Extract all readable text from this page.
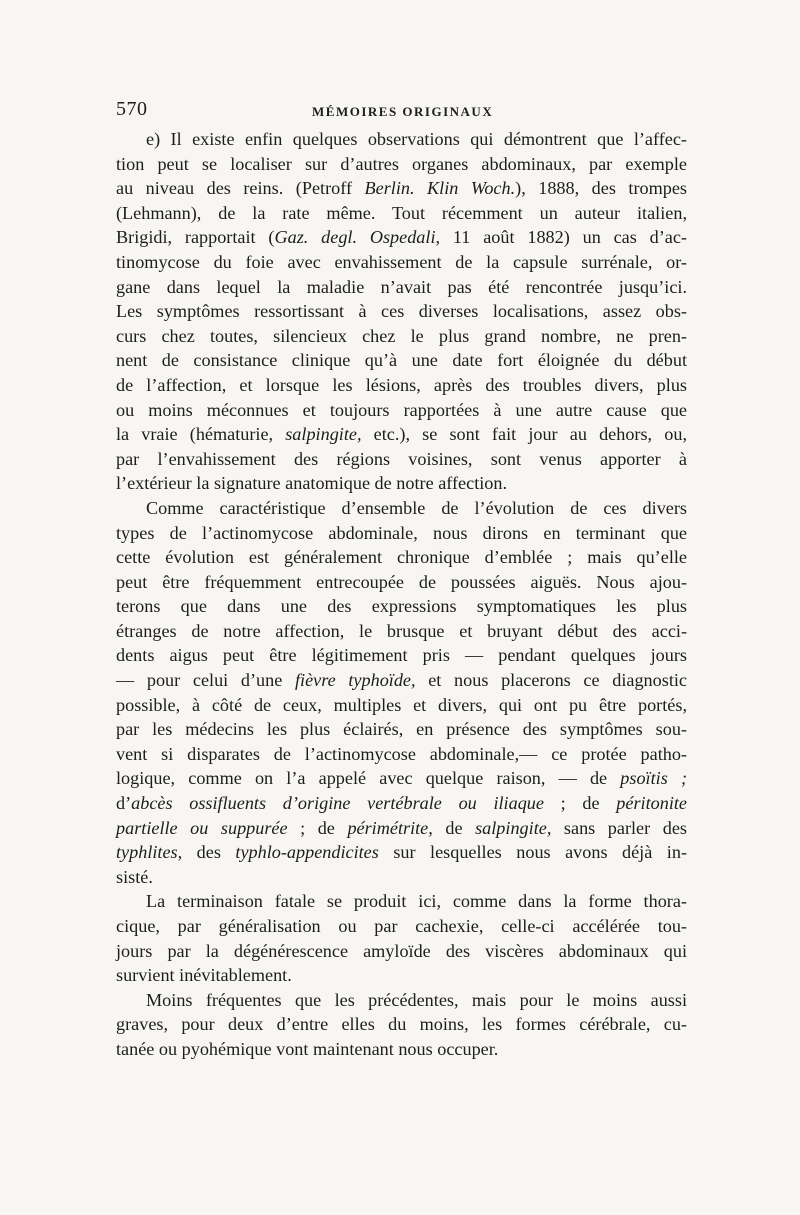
570	MÉMOIRES ORIGINAUX
e) Il existe enfin quelques observations qui démontrent que l’affec-
tion peut se localiser sur d’autres organes abdominaux, par exemple
au niveau des reins. (Petroff Berlin. Klin Woch.), 1888, des trompes
(Lehmann), de la rate même. Tout récemment un auteur italien,
Brigidi, rapportait (Gaz. degl. Ospedali, 11 août 1882) un cas d’ac-
tinomycose du foie avec envahissement de la capsule surrénale, or-
gane dans lequel la maladie n’avait pas été rencontrée jusqu’ici.
Les symptômes ressortissant à ces diverses localisations, assez obs-
curs chez toutes, silencieux chez le plus grand nombre, ne pren-
nent de consistance clinique qu’à une date fort éloignée du début
de l’affection, et lorsque les lésions, après des troubles divers, plus
ou moins méconnues et toujours rapportées à une autre cause que
la vraie (hématurie, salpingite, etc.), se sont fait jour au dehors, ou,
par l’envahissement des régions voisines, sont venus apporter à
l’extérieur la signature anatomique de notre affection.
Comme caractéristique d’ensemble de l’évolution de ces divers
types de l’actinomycose abdominale, nous dirons en terminant que
cette évolution est généralement chronique d’emblée ; mais qu’elle
peut être fréquemment entrecoupée de poussées aiguës. Nous ajou-
terons que dans une des expressions symptomatiques les plus
étranges de notre affection, le brusque et bruyant début des acci-
dents aigus peut être légitimement pris — pendant quelques jours
— pour celui d’une fièvre typhoïde, et nous placerons ce diagnostic
possible, à côté de ceux, multiples et divers, qui ont pu être portés,
par les médecins les plus éclairés, en présence des symptômes sou-
vent si disparates de l’actinomycose abdominale,— ce protée patho-
logique, comme on l’a appelé avec quelque raison, — de psoïtis ;
d’abcès ossifluents d’origine vertébrale ou iliaque ; de péritonite
partielle ou suppurée ; de périmétrite, de salpingite, sans parler des
typhlites, des typhlo-appendicites sur lesquelles nous avons déjà in-
sisté.
La terminaison fatale se produit ici, comme dans la forme thora-
cique, par généralisation ou par cachexie, celle-ci accélérée tou-
jours par la dégénérescence amyloïde des viscères abdominaux qui
survient inévitablement.
Moins fréquentes que les précédentes, mais pour le moins aussi
graves, pour deux d’entre elles du moins, les formes cérébrale, cu-
tanée ou pyohémique vont maintenant nous occuper.
